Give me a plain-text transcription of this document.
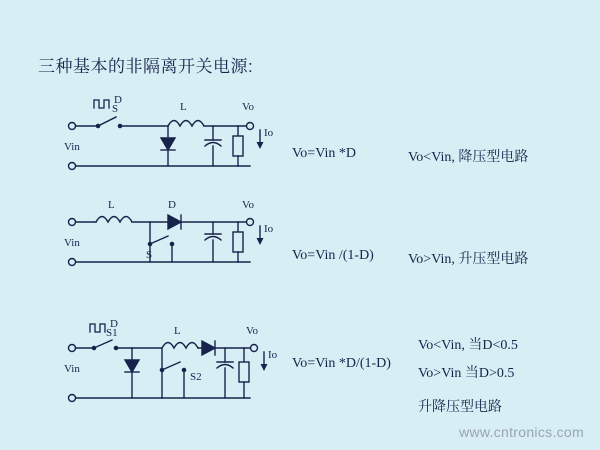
三种基本的非隔离开关电源:
Vin
S
D
L	Vo
Io
Vo=Vin *D	Vo<Vin, 降压型电路
Vin
L	D
S
Vo
Io
Vo=Vin /(1-D) Vo>Vin, 升压型电路
Vin
S1
D
L
S2
Vo
Io
Vo=Vin *D/(1-D)
Vo<Vin, 当D<0.5
Vo>Vin 当D>0.5
升降压型电路
www.cntronics.com
